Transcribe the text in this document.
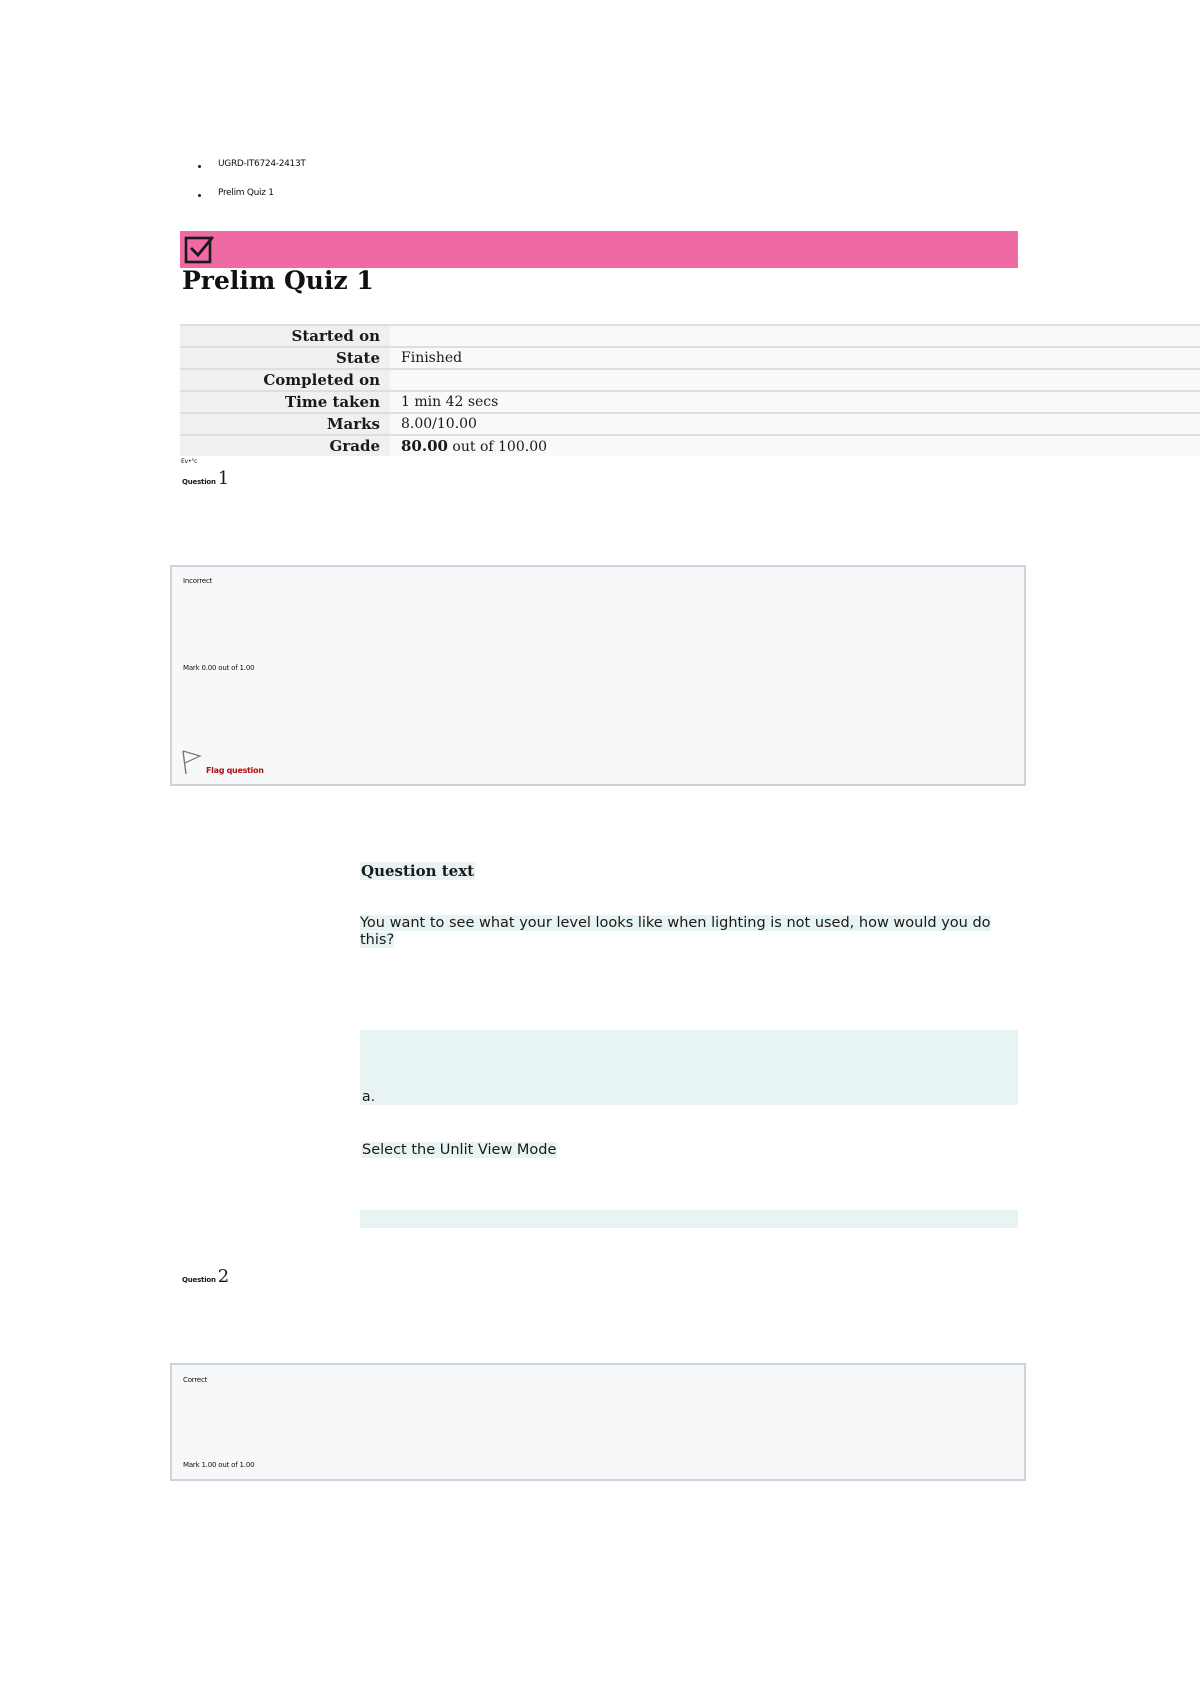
UGRD-IT6724-2413T
Prelim Quiz 1
Prelim Quiz 1
Started on
State	Finished
Completed on
Time taken	1 min 42 secs
Marks	8.00/10.00
Grade	80.00 out of 100.00
Ev•°c
Question 1
Incorrect
Mark 0.00 out of 1.00
Flag question
Question text
You want to see what your level looks like when lighting is not used, how would you do this?
a.
Select the Unlit View Mode
Question 2
Correct
Mark 1.00 out of 1.00
